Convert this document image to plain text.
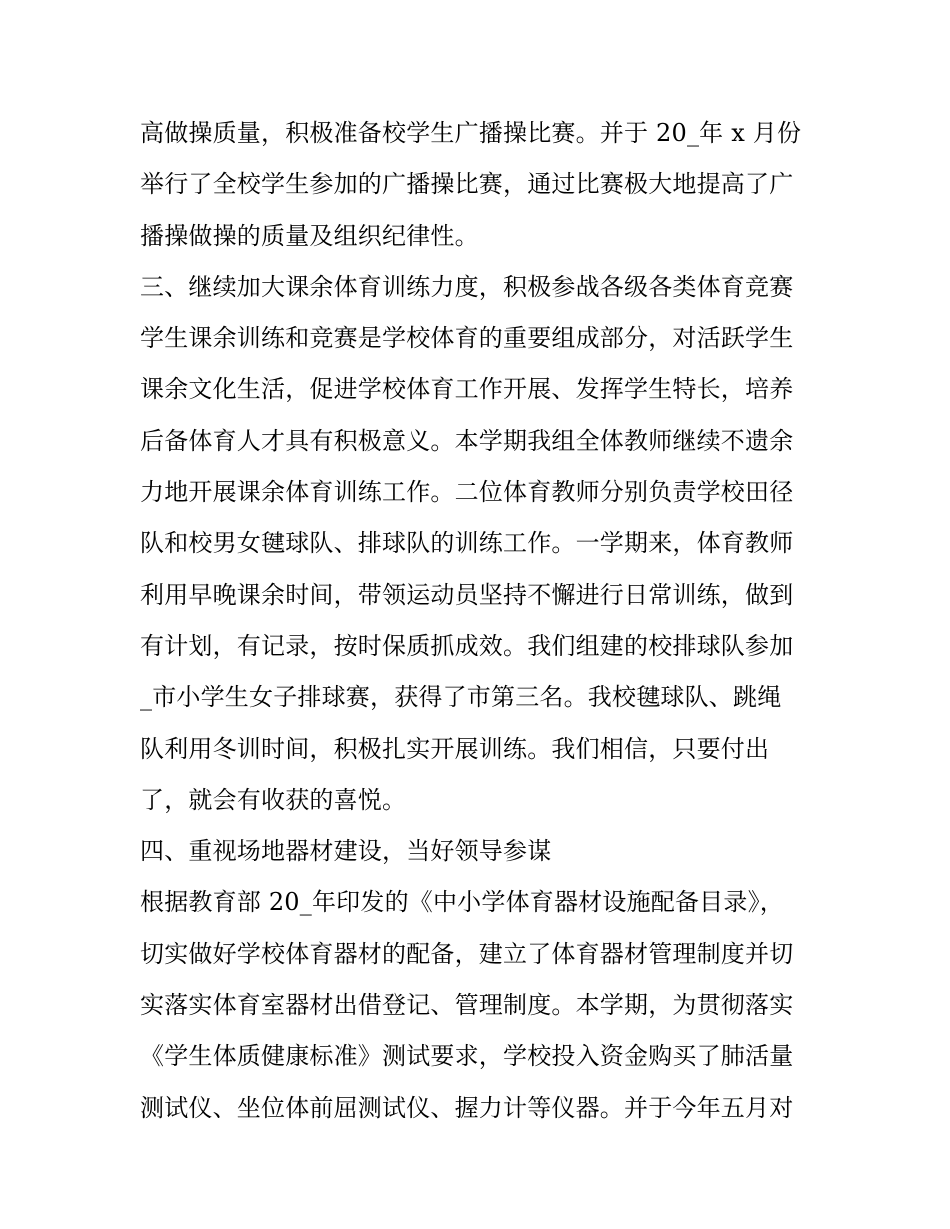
高做操质量，积极准备校学生广播操比赛。并于 20_年 x 月份
举行了全校学生参加的广播操比赛，通过比赛极大地提高了广
播操做操的质量及组织纪律性。
三、继续加大课余体育训练力度，积极参战各级各类体育竞赛
学生课余训练和竞赛是学校体育的重要组成部分，对活跃学生
课余文化生活，促进学校体育工作开展、发挥学生特长，培养
后备体育人才具有积极意义。本学期我组全体教师继续不遗余
力地开展课余体育训练工作。二位体育教师分别负责学校田径
队和校男女毽球队、排球队的训练工作。一学期来，体育教师
利用早晚课余时间，带领运动员坚持不懈进行日常训练，做到
有计划，有记录，按时保质抓成效。我们组建的校排球队参加
_市小学生女子排球赛，获得了市第三名。我校毽球队、跳绳
队利用冬训时间，积极扎实开展训练。我们相信，只要付出
了，就会有收获的喜悦。
四、重视场地器材建设，当好领导参谋
根据教育部 20_年印发的《中小学体育器材设施配备目录》，
切实做好学校体育器材的配备，建立了体育器材管理制度并切
实落实体育室器材出借登记、管理制度。本学期，为贯彻落实
《学生体质健康标准》测试要求，学校投入资金购买了肺活量
测试仪、坐位体前屈测试仪、握力计等仪器。并于今年五月对
